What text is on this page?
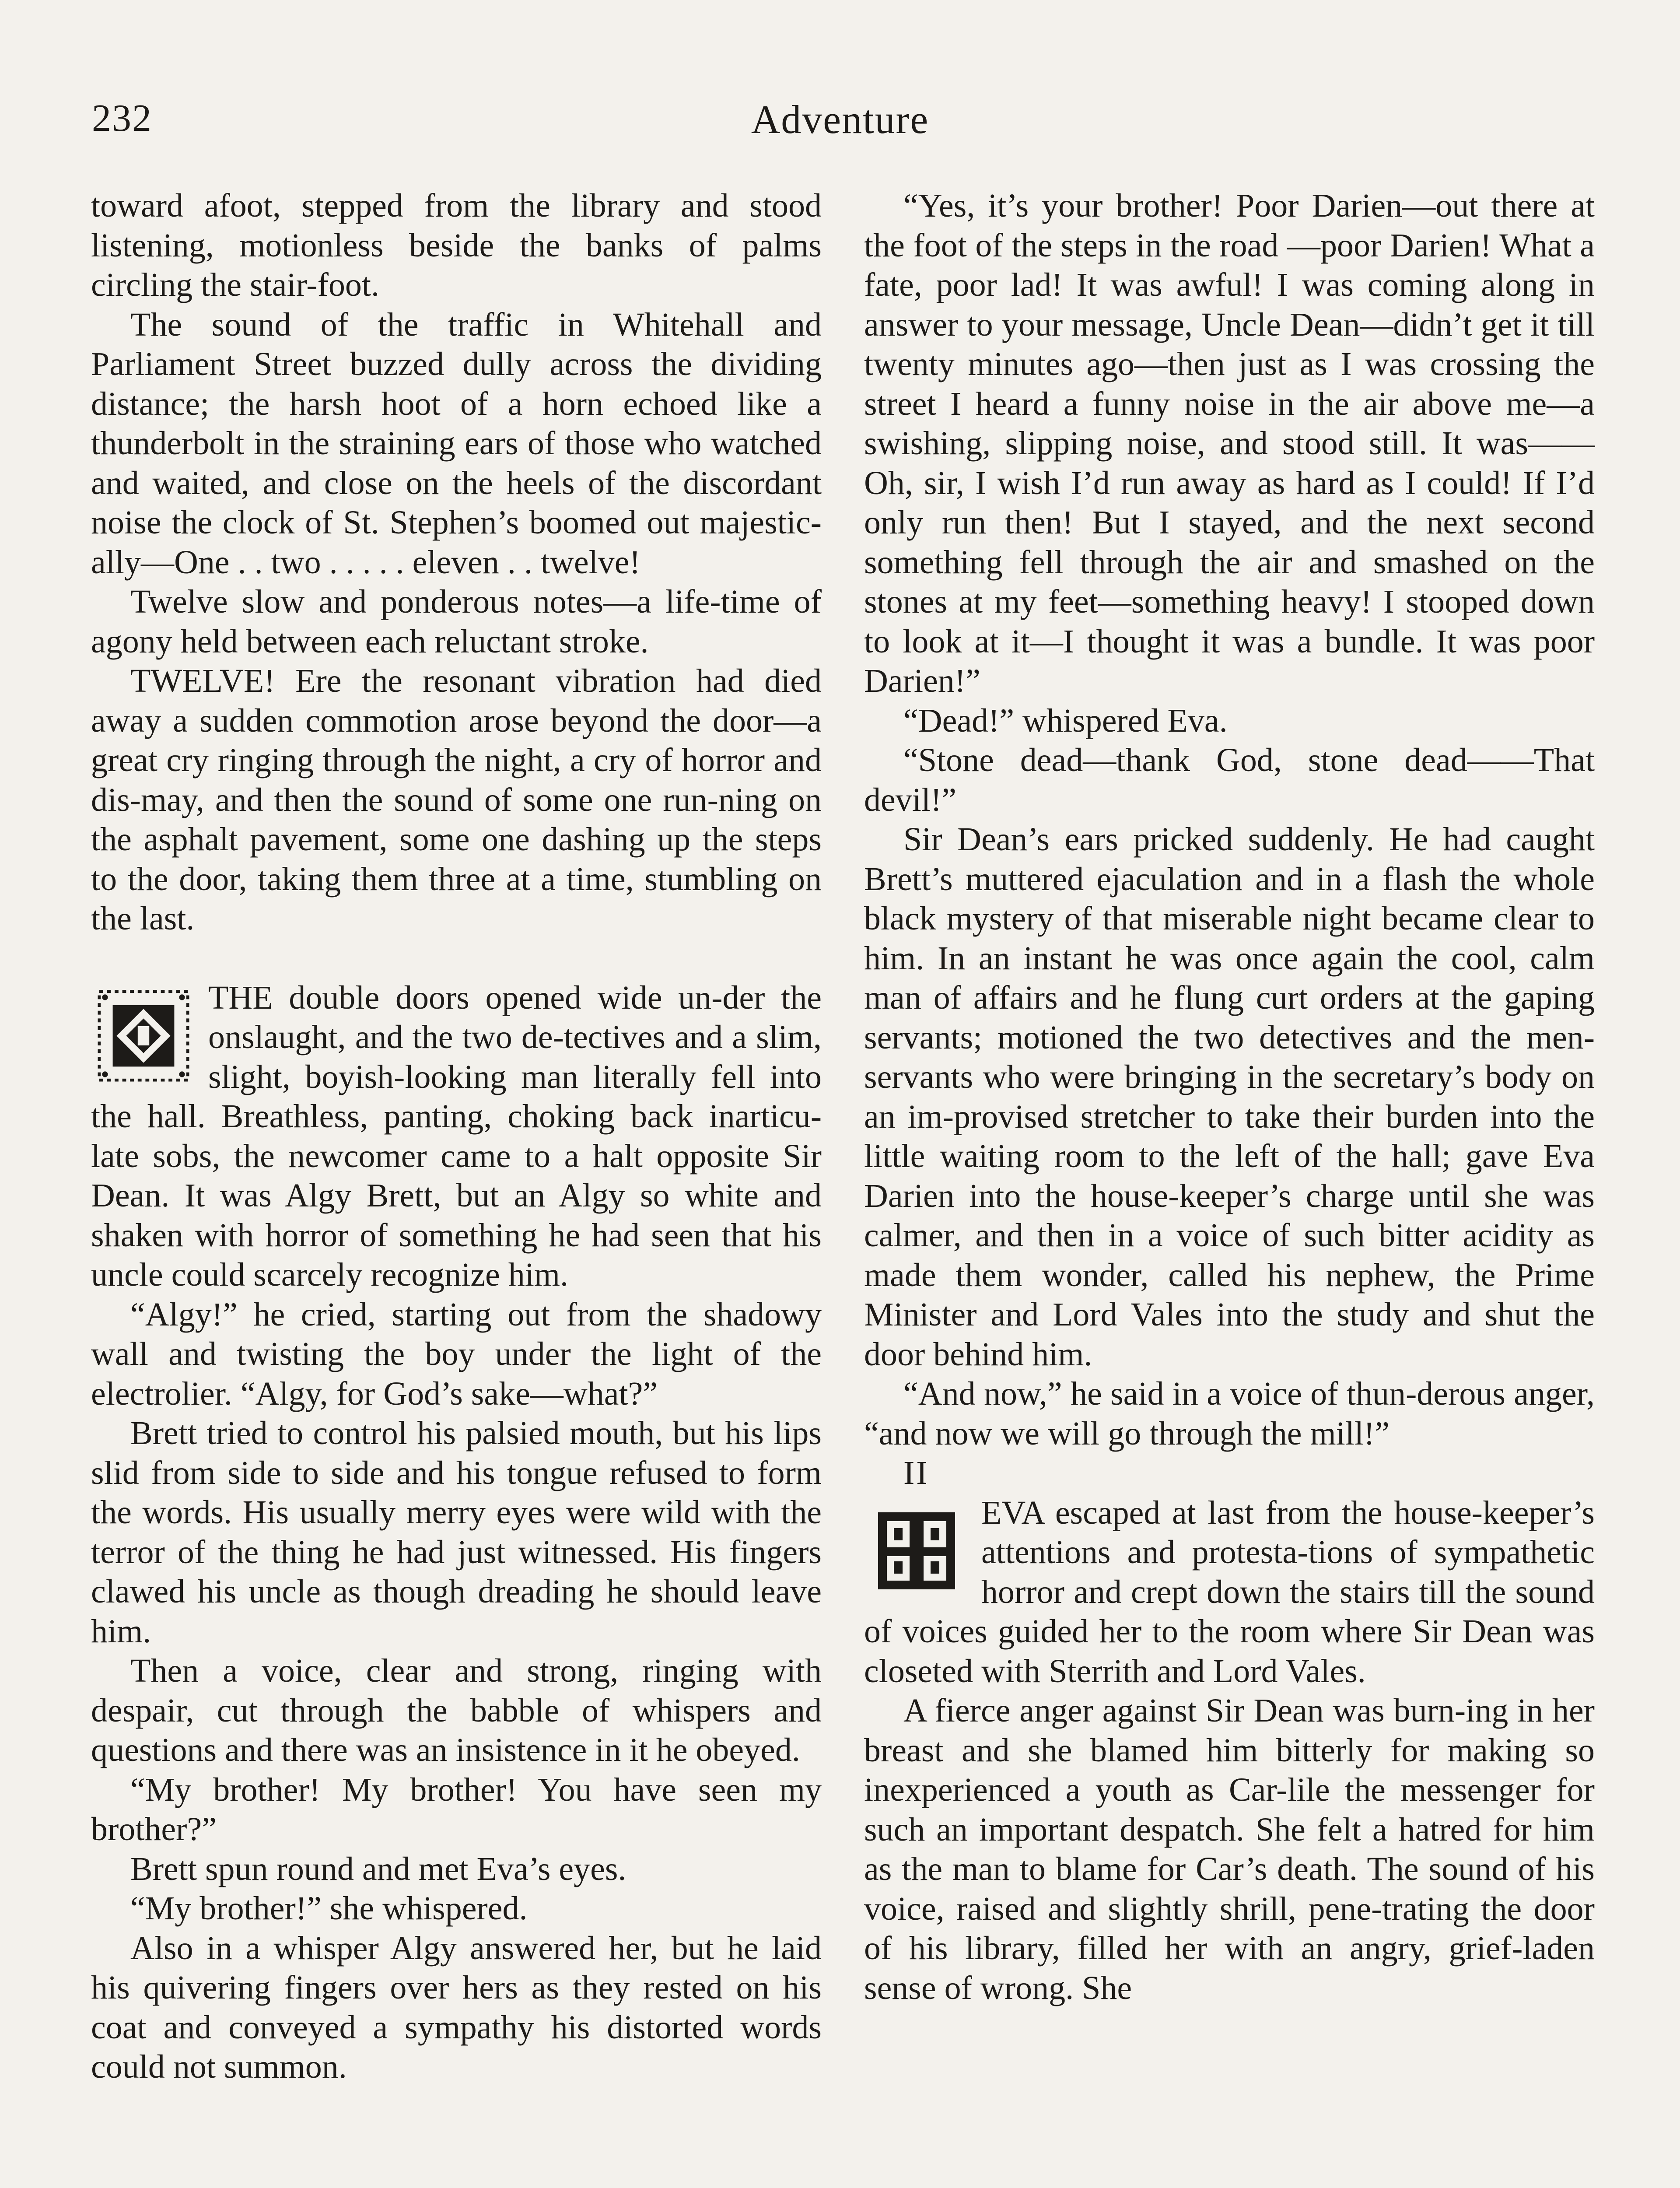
232	Adventure

toward afoot, stepped from the library and stood listening, motionless beside the banks of palms circling the stair-foot.

The sound of the traffic in Whitehall and Parliament Street buzzed dully across the dividing distance; the harsh hoot of a horn echoed like a thunderbolt in the straining ears of those who watched and waited, and close on the heels of the discordant noise the clock of St. Stephen’s boomed out majestic-ally—One . . two . . . . . eleven . . twelve!

Twelve slow and ponderous notes—a life-time of agony held between each reluctant stroke.

TWELVE! Ere the resonant vibration had died away a sudden commotion arose beyond the door—a great cry ringing through the night, a cry of horror and dis-may, and then the sound of some one run-ning on the asphalt pavement, some one dashing up the steps to the door, taking them three at a time, stumbling on the last.

THE double doors opened wide un-der the onslaught, and the two de-tectives and a slim, slight, boyish-looking man literally fell into the hall. Breathless, panting, choking back inarticu-late sobs, the newcomer came to a halt opposite Sir Dean. It was Algy Brett, but an Algy so white and shaken with horror of something he had seen that his uncle could scarcely recognize him.

“Algy!” he cried, starting out from the shadowy wall and twisting the boy under the light of the electrolier. “Algy, for God’s sake—what?”

Brett tried to control his palsied mouth, but his lips slid from side to side and his tongue refused to form the words. His usually merry eyes were wild with the terror of the thing he had just witnessed. His fingers clawed his uncle as though dreading he should leave him.

Then a voice, clear and strong, ringing with despair, cut through the babble of whispers and questions and there was an insistence in it he obeyed.

“My brother! My brother! You have seen my brother?”

Brett spun round and met Eva’s eyes.

“My brother!” she whispered.

Also in a whisper Algy answered her, but he laid his quivering fingers over hers as they rested on his coat and conveyed a sympathy his distorted words could not summon.

“Yes, it’s your brother! Poor Darien—out there at the foot of the steps in the road —poor Darien! What a fate, poor lad! It was awful! I was coming along in answer to your message, Uncle Dean—didn’t get it till twenty minutes ago—then just as I was crossing the street I heard a funny noise in the air above me—a swishing, slipping noise, and stood still. It was—— Oh, sir, I wish I’d run away as hard as I could! If I’d only run then! But I stayed, and the next second something fell through the air and smashed on the stones at my feet—something heavy! I stooped down to look at it—I thought it was a bundle. It was poor Darien!”

“Dead!” whispered Eva.

“Stone dead—thank God, stone dead——That devil!”

Sir Dean’s ears pricked suddenly. He had caught Brett’s muttered ejaculation and in a flash the whole black mystery of that miserable night became clear to him. In an instant he was once again the cool, calm man of affairs and he flung curt orders at the gaping servants; motioned the two detectives and the men-servants who were bringing in the secretary’s body on an im-provised stretcher to take their burden into the little waiting room to the left of the hall; gave Eva Darien into the house-keeper’s charge until she was calmer, and then in a voice of such bitter acidity as made them wonder, called his nephew, the Prime Minister and Lord Vales into the study and shut the door behind him.

“And now,” he said in a voice of thun-derous anger, “and now we will go through the mill!”

II

EVA escaped at last from the house-keeper’s attentions and protesta-tions of sympathetic horror and crept down the stairs till the sound of voices guided her to the room where Sir Dean was closeted with Sterrith and Lord Vales.

A fierce anger against Sir Dean was burn-ing in her breast and she blamed him bitterly for making so inexperienced a youth as Car-lile the messenger for such an important despatch. She felt a hatred for him as the man to blame for Car’s death. The sound of his voice, raised and slightly shrill, pene-trating the door of his library, filled her with an angry, grief-laden sense of wrong. She
